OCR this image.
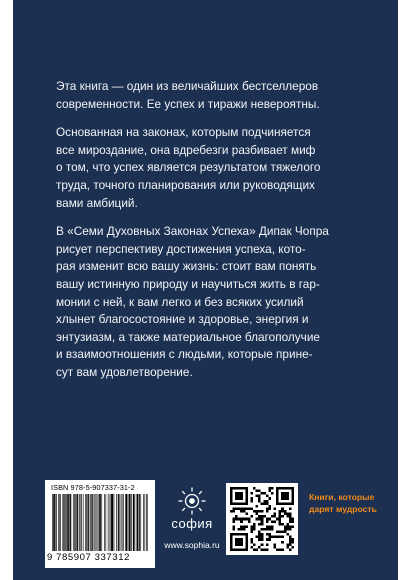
Эта книга — один из величайших бестселлеров
современности. Ее успех и тиражи невероятны.

Основанная на законах, которым подчиняется
все мироздание, она вдребезги разбивает миф
о том, что успех является результатом тяжелого
труда, точного планирования или руководящих
вами амбиций.

В «Семи Духовных Законах Успеха» Дипак Чопра
рисует перспективу достижения успеха, кото-
рая изменит всю вашу жизнь: стоит вам понять
вашу истинную природу и научиться жить в гар-
монии с ней, к вам легко и без всяких усилий
хлынет благосостояние и здоровье, энергия и
энтузиазм, а также материальное благополучие
и взаимоотношения с людьми, которые прине-
сут вам удовлетворение.

ISBN 978-5-907337-31-2
9 785907 337312
софия
www.sophia.ru
Книги, которые
дарят мудрость
